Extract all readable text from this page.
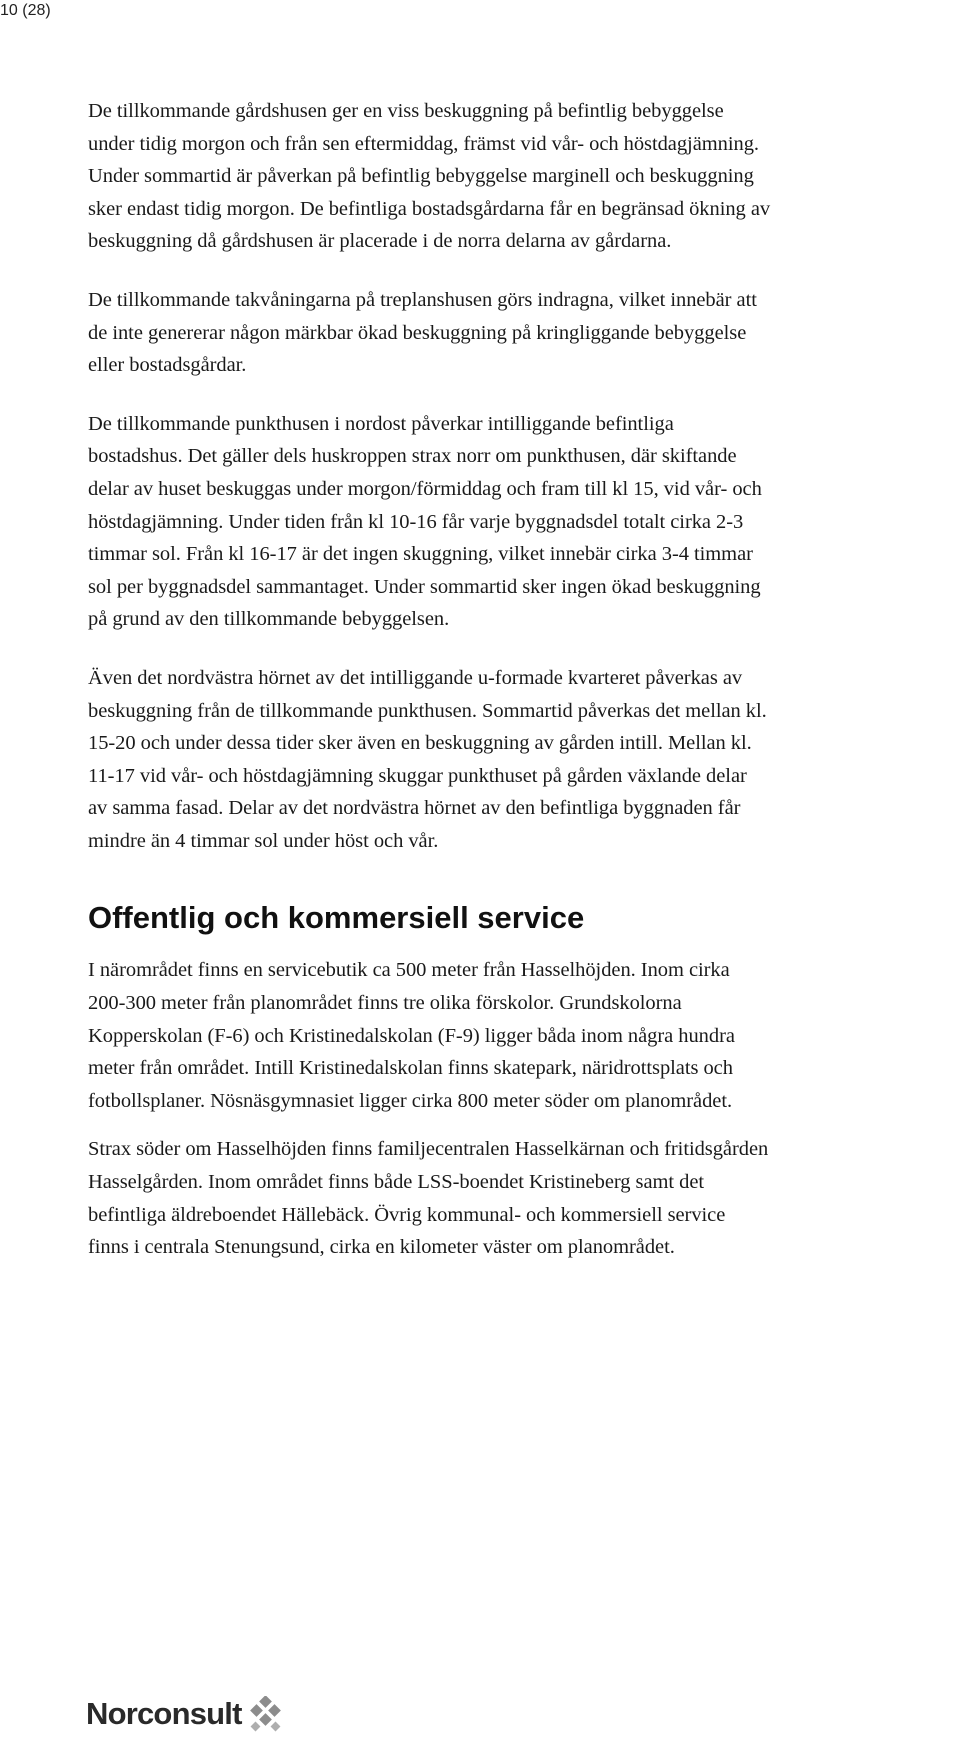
10 (28)

De tillkommande gårdshusen ger en viss beskuggning på befintlig bebyggelse
under tidig morgon och från sen eftermiddag, främst vid vår- och höstdagjämning.
Under sommartid är påverkan på befintlig bebyggelse marginell och beskuggning
sker endast tidig morgon. De befintliga bostadsgårdarna får en begränsad ökning av
beskuggning då gårdshusen är placerade i de norra delarna av gårdarna.

De tillkommande takvåningarna på treplanshusen görs indragna, vilket innebär att
de inte genererar någon märkbar ökad beskuggning på kringliggande bebyggelse
eller bostadsgårdar.

De tillkommande punkthusen i nordost påverkar intilliggande befintliga
bostadshus. Det gäller dels huskroppen strax norr om punkthusen, där skiftande
delar av huset beskuggas under morgon/förmiddag och fram till kl 15, vid vår- och
höstdagjämning. Under tiden från kl 10-16 får varje byggnadsdel totalt cirka 2-3
timmar sol. Från kl 16-17 är det ingen skuggning, vilket innebär cirka 3-4 timmar
sol per byggnadsdel sammantaget. Under sommartid sker ingen ökad beskuggning
på grund av den tillkommande bebyggelsen.

Även det nordvästra hörnet av det intilliggande u-formade kvarteret påverkas av
beskuggning från de tillkommande punkthusen. Sommartid påverkas det mellan kl.
15-20 och under dessa tider sker även en beskuggning av gården intill. Mellan kl.
11-17 vid vår- och höstdagjämning skuggar punkthuset på gården växlande delar
av samma fasad. Delar av det nordvästra hörnet av den befintliga byggnaden får
mindre än 4 timmar sol under höst och vår.

Offentlig och kommersiell service

I närområdet finns en servicebutik ca 500 meter från Hasselhöjden. Inom cirka
200-300 meter från planområdet finns tre olika förskolor. Grundskolorna
Kopperskolan (F-6) och Kristinedalskolan (F-9) ligger båda inom några hundra
meter från området. Intill Kristinedalskolan finns skatepark, näridrottsplats och
fotbollsplaner. Nösnäsgymnasiet ligger cirka 800 meter söder om planområdet.

Strax söder om Hasselhöjden finns familjecentralen Hasselkärnan och fritidsgården
Hasselgården. Inom området finns både LSS-boendet Kristineberg samt det
befintliga äldreboendet Hällebäck. Övrig kommunal- och kommersiell service
finns i centrala Stenungsund, cirka en kilometer väster om planområdet.

Norconsult
